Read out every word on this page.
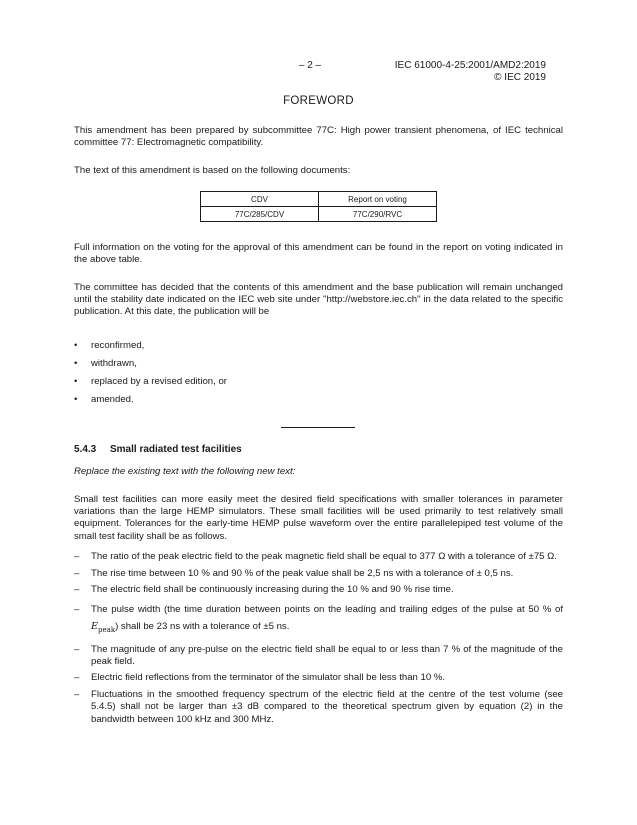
– 2 –	IEC 61000-4-25:2001/AMD2:2019
© IEC 2019
FOREWORD
This amendment has been prepared by subcommittee 77C: High power transient phenomena, of IEC technical committee 77: Electromagnetic compatibility.
The text of this amendment is based on the following documents:
CDV	Report on voting
77C/285/CDV	77C/290/RVC
Full information on the voting for the approval of this amendment can be found in the report on voting indicated in the above table.
The committee has decided that the contents of this amendment and the base publication will remain unchanged until the stability date indicated on the IEC web site under "http://webstore.iec.ch" in the data related to the specific publication. At this date, the publication will be
• reconfirmed,
• withdrawn,
• replaced by a revised edition, or
• amended.
5.4.3 Small radiated test facilities
Replace the existing text with the following new text:
Small test facilities can more easily meet the desired field specifications with smaller tolerances in parameter variations than the large HEMP simulators. These small facilities will be used primarily to test relatively small equipment. Tolerances for the early-time HEMP pulse waveform over the entire parallelepiped test volume of the small test facility shall be as follows.
– The ratio of the peak electric field to the peak magnetic field shall be equal to 377 Ω with a tolerance of ±75 Ω.
– The rise time between 10 % and 90 % of the peak value shall be 2,5 ns with a tolerance of ± 0,5 ns.
– The electric field shall be continuously increasing during the 10 % and 90 % rise time.
– The pulse width (the time duration between points on the leading and trailing edges of the pulse at 50 % of $E_{peak}$) shall be 23 ns with a tolerance of ±5 ns.
– The magnitude of any pre-pulse on the electric field shall be equal to or less than 7 % of the magnitude of the peak field.
– Electric field reflections from the terminator of the simulator shall be less than 10 %.
– Fluctuations in the smoothed frequency spectrum of the electric field at the centre of the test volume (see 5.4.5) shall not be larger than ±3 dB compared to the theoretical spectrum given by equation (2) in the bandwidth between 100 kHz and 300 MHz.
